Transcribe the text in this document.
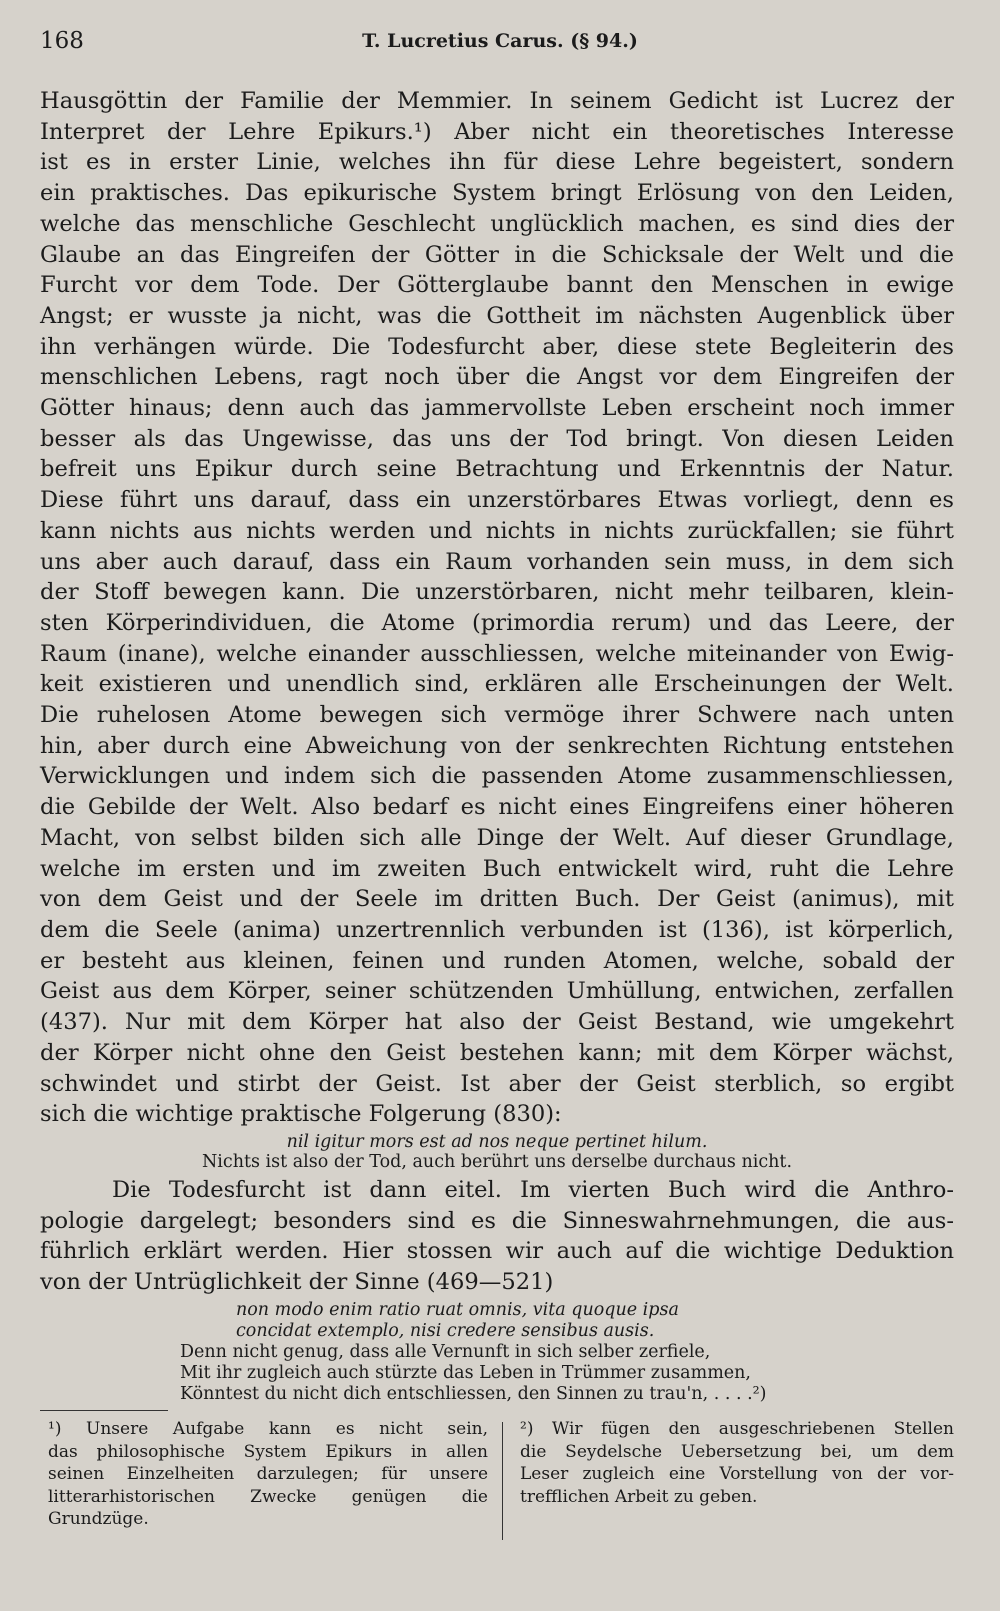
168	T. Lucretius Carus. (§ 94.)

Hausgöttin der Familie der Memmier. In seinem Gedicht ist Lucrez der
Interpret der Lehre Epikurs.¹) Aber nicht ein theoretisches Interesse
ist es in erster Linie, welches ihn für diese Lehre begeistert, sondern
ein praktisches. Das epikurische System bringt Erlösung von den Leiden,
welche das menschliche Geschlecht unglücklich machen, es sind dies der
Glaube an das Eingreifen der Götter in die Schicksale der Welt und die
Furcht vor dem Tode. Der Götterglaube bannt den Menschen in ewige
Angst; er wusste ja nicht, was die Gottheit im nächsten Augenblick über
ihn verhängen würde. Die Todesfurcht aber, diese stete Begleiterin des
menschlichen Lebens, ragt noch über die Angst vor dem Eingreifen der
Götter hinaus; denn auch das jammervollste Leben erscheint noch immer
besser als das Ungewisse, das uns der Tod bringt. Von diesen Leiden
befreit uns Epikur durch seine Betrachtung und Erkenntnis der Natur.
Diese führt uns darauf, dass ein unzerstörbares Etwas vorliegt, denn es
kann nichts aus nichts werden und nichts in nichts zurückfallen; sie führt
uns aber auch darauf, dass ein Raum vorhanden sein muss, in dem sich
der Stoff bewegen kann. Die unzerstörbaren, nicht mehr teilbaren, klein-
sten Körperindividuen, die Atome (primordia rerum) und das Leere, der
Raum (inane), welche einander ausschliessen, welche miteinander von Ewig-
keit existieren und unendlich sind, erklären alle Erscheinungen der Welt.
Die ruhelosen Atome bewegen sich vermöge ihrer Schwere nach unten
hin, aber durch eine Abweichung von der senkrechten Richtung entstehen
Verwicklungen und indem sich die passenden Atome zusammenschliessen,
die Gebilde der Welt. Also bedarf es nicht eines Eingreifens einer höheren
Macht, von selbst bilden sich alle Dinge der Welt. Auf dieser Grundlage,
welche im ersten und im zweiten Buch entwickelt wird, ruht die Lehre
von dem Geist und der Seele im dritten Buch. Der Geist (animus), mit
dem die Seele (anima) unzertrennlich verbunden ist (136), ist körperlich,
er besteht aus kleinen, feinen und runden Atomen, welche, sobald der
Geist aus dem Körper, seiner schützenden Umhüllung, entwichen, zerfallen
(437). Nur mit dem Körper hat also der Geist Bestand, wie umgekehrt
der Körper nicht ohne den Geist bestehen kann; mit dem Körper wächst,
schwindet und stirbt der Geist. Ist aber der Geist sterblich, so ergibt
sich die wichtige praktische Folgerung (830):

nil igitur mors est ad nos neque pertinet hilum.
Nichts ist also der Tod, auch berührt uns derselbe durchaus nicht.

Die Todesfurcht ist dann eitel. Im vierten Buch wird die Anthro-
pologie dargelegt; besonders sind es die Sinneswahrnehmungen, die aus-
führlich erklärt werden. Hier stossen wir auch auf die wichtige Deduktion
von der Untrüglichkeit der Sinne (469—521)

non modo enim ratio ruat omnis, vita quoque ipsa
concidat extemplo, nisi credere sensibus ausis.
Denn nicht genug, dass alle Vernunft in sich selber zerfiele,
Mit ihr zugleich auch stürzte das Leben in Trümmer zusammen,
Könntest du nicht dich entschliessen, den Sinnen zu trau'n, . . . .²)
¹) Unsere Aufgabe kann es nicht sein,
das philosophische System Epikurs in allen
seinen Einzelheiten darzulegen; für unsere
litterarhistorischen Zwecke genügen die
Grundzüge.
²) Wir fügen den ausgeschriebenen Stellen
die Seydelsche Uebersetzung bei, um dem
Leser zugleich eine Vorstellung von der vor-
trefflichen Arbeit zu geben.
